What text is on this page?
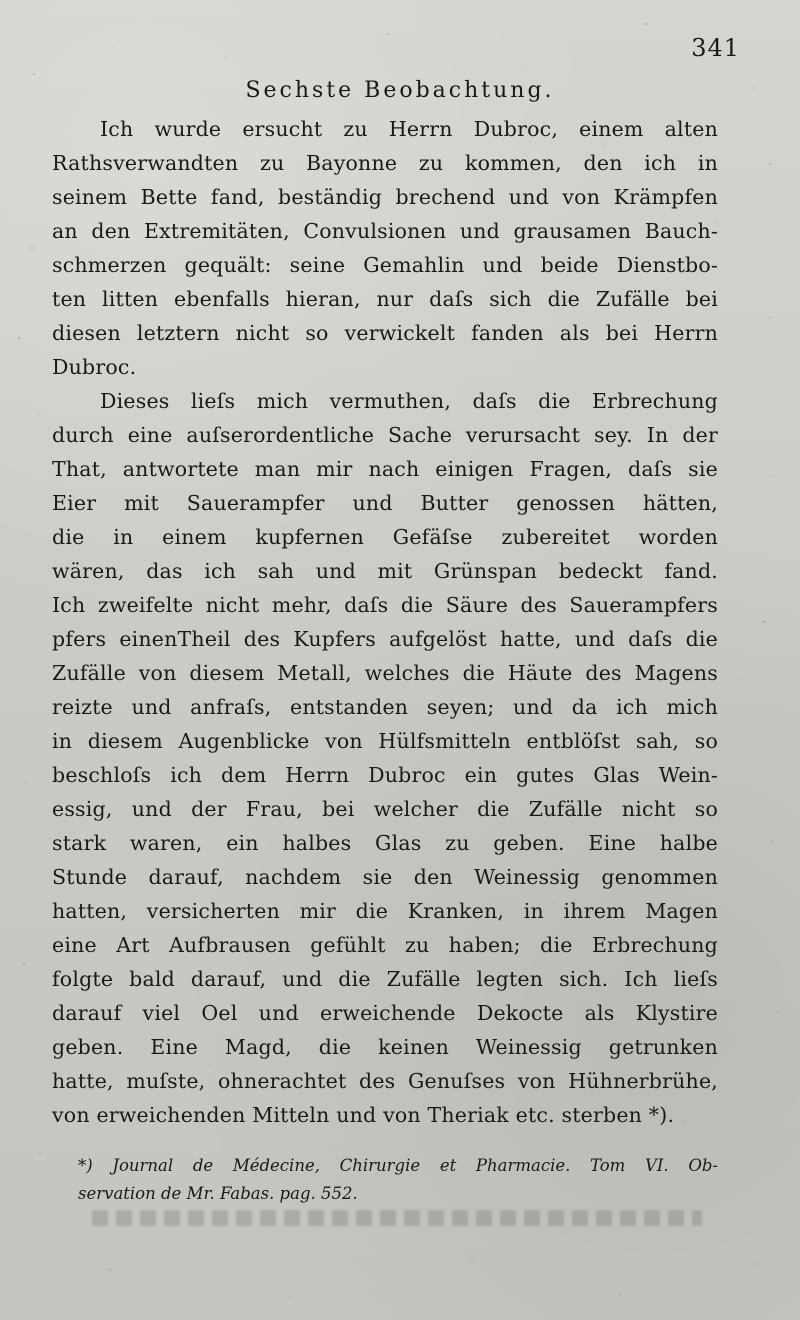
341
Sechste Beobachtung.
Ich wurde ersucht zu Herrn Dubroc, einem alten
Rathsverwandten zu Bayonne zu kommen, den ich in
seinem Bette fand, beständig brechend und von Krämpfen
an den Extremitäten, Convulsionen und grausamen Bauch-
schmerzen gequält: seine Gemahlin und beide Dienstbo-
ten litten ebenfalls hieran, nur daſs sich die Zufälle bei
diesen letztern nicht so verwickelt fanden als bei Herrn
Dubroc.
Dieses lieſs mich vermuthen, daſs die Erbrechung
durch eine auſserordentliche Sache verursacht sey. In der
That, antwortete man mir nach einigen Fragen, daſs sie
Eier mit Sauerampfer und Butter genossen hätten,
die in einem kupfernen Gefäſse zubereitet worden
wären, das ich sah und mit Grünspan bedeckt fand.
Ich zweifelte nicht mehr, daſs die Säure des Sauerampfers
pfers einenTheil des Kupfers aufgelöst hatte, und daſs die
Zufälle von diesem Metall, welches die Häute des Magens
reizte und anfraſs, entstanden seyen; und da ich mich
in diesem Augenblicke von Hülfsmitteln entblöſst sah, so
beschloſs ich dem Herrn Dubroc ein gutes Glas Wein-
essig, und der Frau, bei welcher die Zufälle nicht so
stark waren, ein halbes Glas zu geben. Eine halbe
Stunde darauf, nachdem sie den Weinessig genommen
hatten, versicherten mir die Kranken, in ihrem Magen
eine Art Aufbrausen gefühlt zu haben; die Erbrechung
folgte bald darauf, und die Zufälle legten sich. Ich lieſs
darauf viel Oel und erweichende Dekocte als Klystire
geben. Eine Magd, die keinen Weinessig getrunken
hatte, muſste, ohnerachtet des Genuſses von Hühnerbrühe,
von erweichenden Mitteln und von Theriak etc. sterben *).
*) Journal de Médecine, Chirurgie et Pharmacie. Tom VI. Ob-
servation de Mr. Fabas. pag. 552.
